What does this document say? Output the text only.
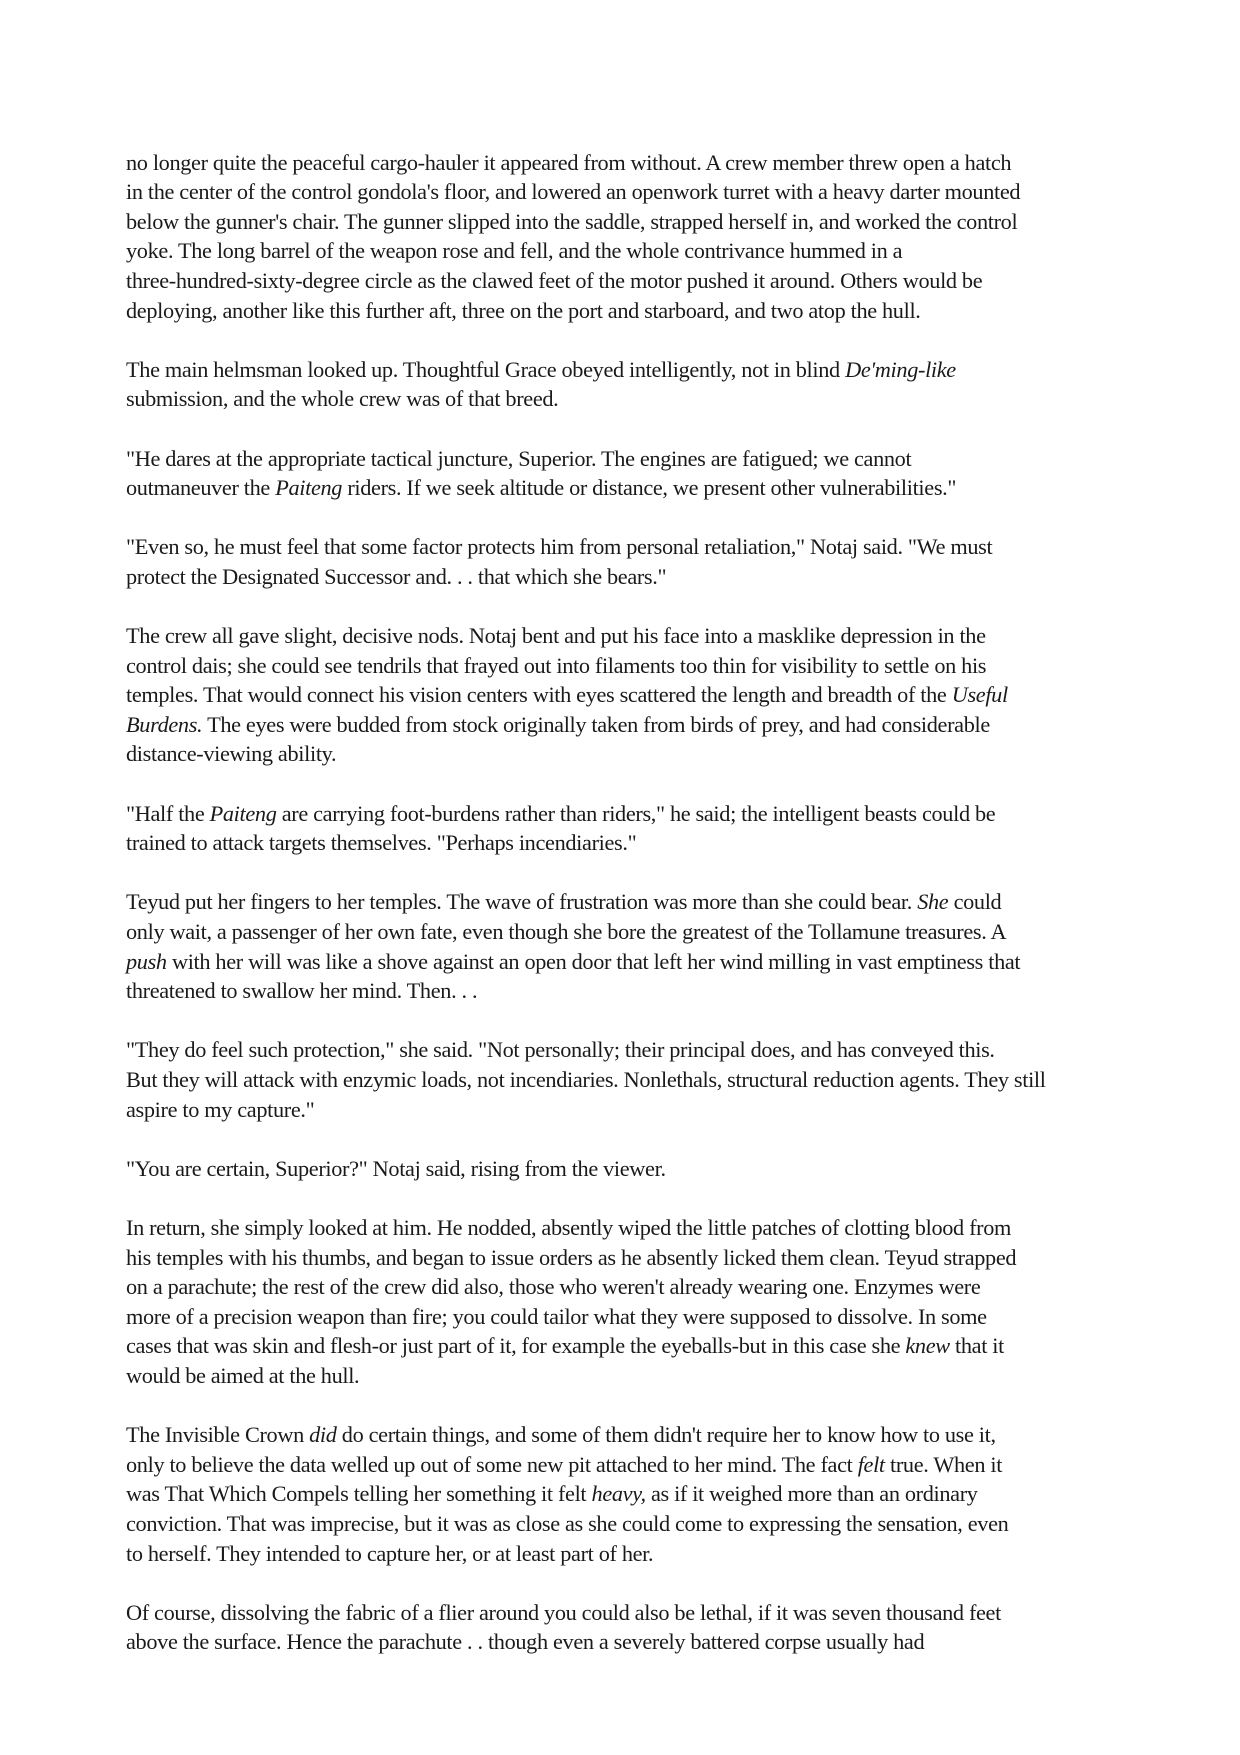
no longer quite the peaceful cargo-hauler it appeared from without. A crew member threw open a hatch
in the center of the control gondola's floor, and lowered an openwork turret with a heavy darter mounted
below the gunner's chair. The gunner slipped into the saddle, strapped herself in, and worked the control
yoke. The long barrel of the weapon rose and fell, and the whole contrivance hummed in a
three-hundred-sixty-degree circle as the clawed feet of the motor pushed it around. Others would be
deploying, another like this further aft, three on the port and starboard, and two atop the hull.

The main helmsman looked up. Thoughtful Grace obeyed intelligently, not in blind De'ming-like
submission, and the whole crew was of that breed.

"He dares at the appropriate tactical juncture, Superior. The engines are fatigued; we cannot
outmaneuver the Paiteng riders. If we seek altitude or distance, we present other vulnerabilities."

"Even so, he must feel that some factor protects him from personal retaliation," Notaj said. "We must
protect the Designated Successor and. . . that which she bears."

The crew all gave slight, decisive nods. Notaj bent and put his face into a masklike depression in the
control dais; she could see tendrils that frayed out into filaments too thin for visibility to settle on his
temples. That would connect his vision centers with eyes scattered the length and breadth of the Useful
Burdens. The eyes were budded from stock originally taken from birds of prey, and had considerable
distance-viewing ability.

"Half the Paiteng are carrying foot-burdens rather than riders," he said; the intelligent beasts could be
trained to attack targets themselves. "Perhaps incendiaries."

Teyud put her fingers to her temples. The wave of frustration was more than she could bear. She could
only wait, a passenger of her own fate, even though she bore the greatest of the Tollamune treasures. A
push with her will was like a shove against an open door that left her wind milling in vast emptiness that
threatened to swallow her mind. Then. . .

"They do feel such protection," she said. "Not personally; their principal does, and has conveyed this.
But they will attack with enzymic loads, not incendiaries. Nonlethals, structural reduction agents. They still
aspire to my capture."

"You are certain, Superior?" Notaj said, rising from the viewer.

In return, she simply looked at him. He nodded, absently wiped the little patches of clotting blood from
his temples with his thumbs, and began to issue orders as he absently licked them clean. Teyud strapped
on a parachute; the rest of the crew did also, those who weren't already wearing one. Enzymes were
more of a precision weapon than fire; you could tailor what they were supposed to dissolve. In some
cases that was skin and flesh-or just part of it, for example the eyeballs-but in this case she knew that it
would be aimed at the hull.

The Invisible Crown did do certain things, and some of them didn't require her to know how to use it,
only to believe the data welled up out of some new pit attached to her mind. The fact felt true. When it
was That Which Compels telling her something it felt heavy, as if it weighed more than an ordinary
conviction. That was imprecise, but it was as close as she could come to expressing the sensation, even
to herself. They intended to capture her, or at least part of her.

Of course, dissolving the fabric of a flier around you could also be lethal, if it was seven thousand feet
above the surface. Hence the parachute . . though even a severely battered corpse usually had
